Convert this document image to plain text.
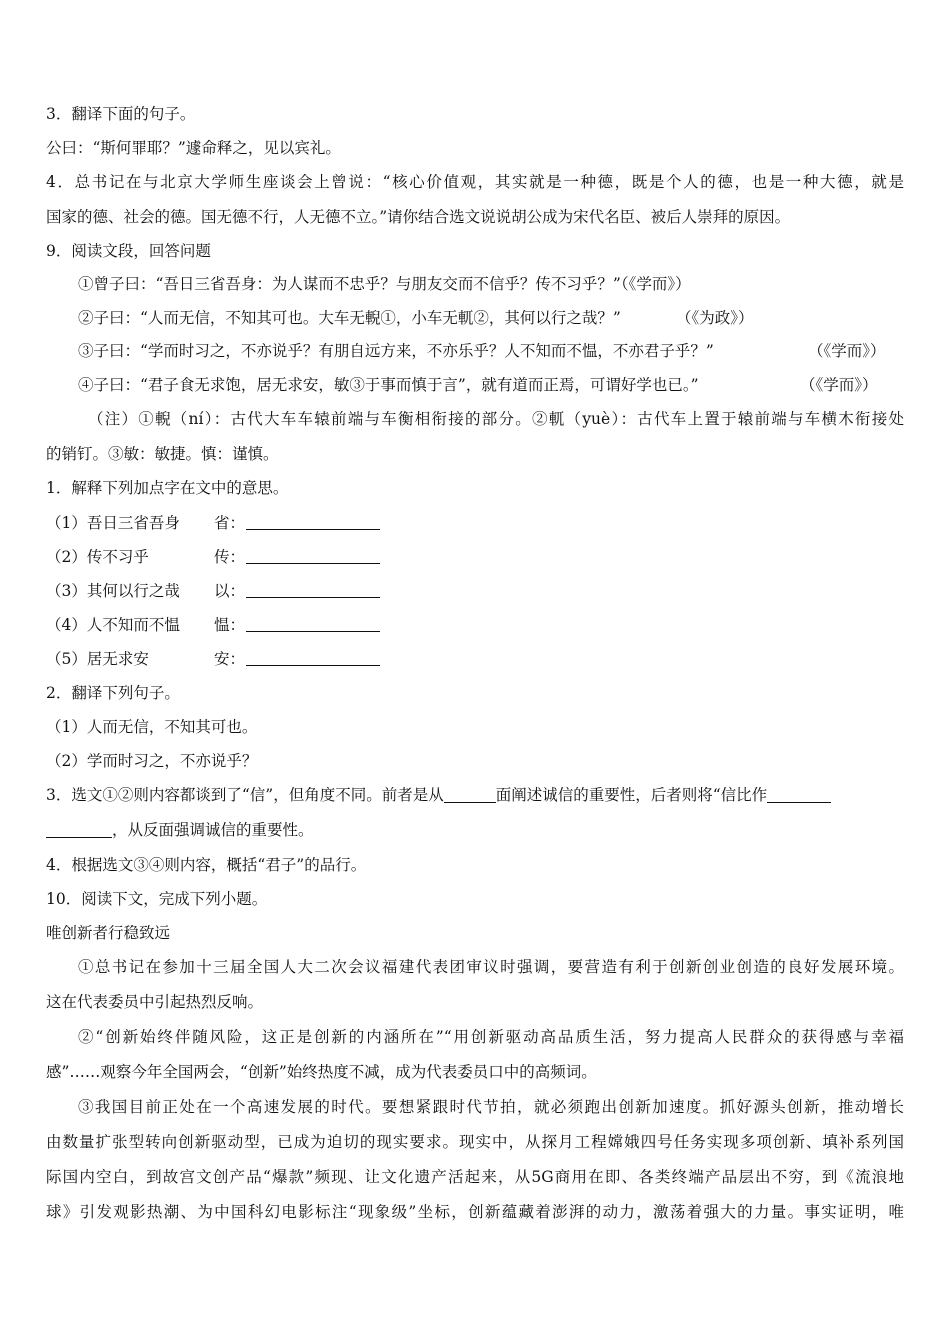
3．翻译下面的句子。
公曰：“斯何罪耶？”遽命释之，见以宾礼。
4．总书记在与北京大学师生座谈会上曾说：“核心价值观，其实就是一种德，既是个人的德，也是一种大德，就是
国家的德、社会的德。国无德不行，人无德不立。”请你结合选文说说胡公成为宋代名臣、被后人崇拜的原因。
9．阅读文段，回答问题
①曾子曰：“吾日三省吾身：为人谋而不忠乎？与朋友交而不信乎？传不习乎？”（《学而》）
②子曰：“人而无信，不知其可也。大车无輗①，小车无軏②，其何以行之哉？”	（《为政》）
③子曰：“学而时习之，不亦说乎？有朋自远方来，不亦乐乎？人不知而不愠，不亦君子乎？”	（《学而》）
④子曰：“君子食无求饱，居无求安，敏③于事而慎于言”，就有道而正焉，可谓好学也已。”	（《学而》）
（注）①輗（ní）：古代大车车辕前端与车衡相衔接的部分。②軏（yuè）：古代车上置于辕前端与车横木衔接处
的销钉。③敏：敏捷。慎：谨慎。
1．解释下列加点字在文中的意思。
（1）吾日三省吾身 省：
（2）传不习乎	传：
（3）其何以行之哉 以：
（4）人不知而不愠 愠：
（5）居无求安	安：
2．翻译下列句子。
（1）人而无信，不知其可也。
（2）学而时习之，不亦说乎？
3．选文①②则内容都谈到了“信”，但角度不同。前者是从	面阐述诚信的重要性，后者则将“信比作
，从反面强调诚信的重要性。
4．根据选文③④则内容，概括“君子”的品行。
10．阅读下文，完成下列小题。
唯创新者行稳致远
①总书记在参加十三届全国人大二次会议福建代表团审议时强调，要营造有利于创新创业创造的良好发展环境。
这在代表委员中引起热烈反响。
②“创新始终伴随风险，这正是创新的内涵所在”“用创新驱动高品质生活，努力提高人民群众的获得感与幸福
感”……观察今年全国两会，“创新”始终热度不减，成为代表委员口中的高频词。
③我国目前正处在一个高速发展的时代。要想紧跟时代节拍，就必须跑出创新加速度。抓好源头创新，推动增长
由数量扩张型转向创新驱动型，已成为迫切的现实要求。现实中，从探月工程嫦娥四号任务实现多项创新、填补系列国
际国内空白，到故宫文创产品“爆款”频现、让文化遗产活起来，从5G商用在即、各类终端产品层出不穷，到《流浪地
球》引发观影热潮、为中国科幻电影标注“现象级”坐标，创新蕴藏着澎湃的动力，激荡着强大的力量。事实证明，唯
